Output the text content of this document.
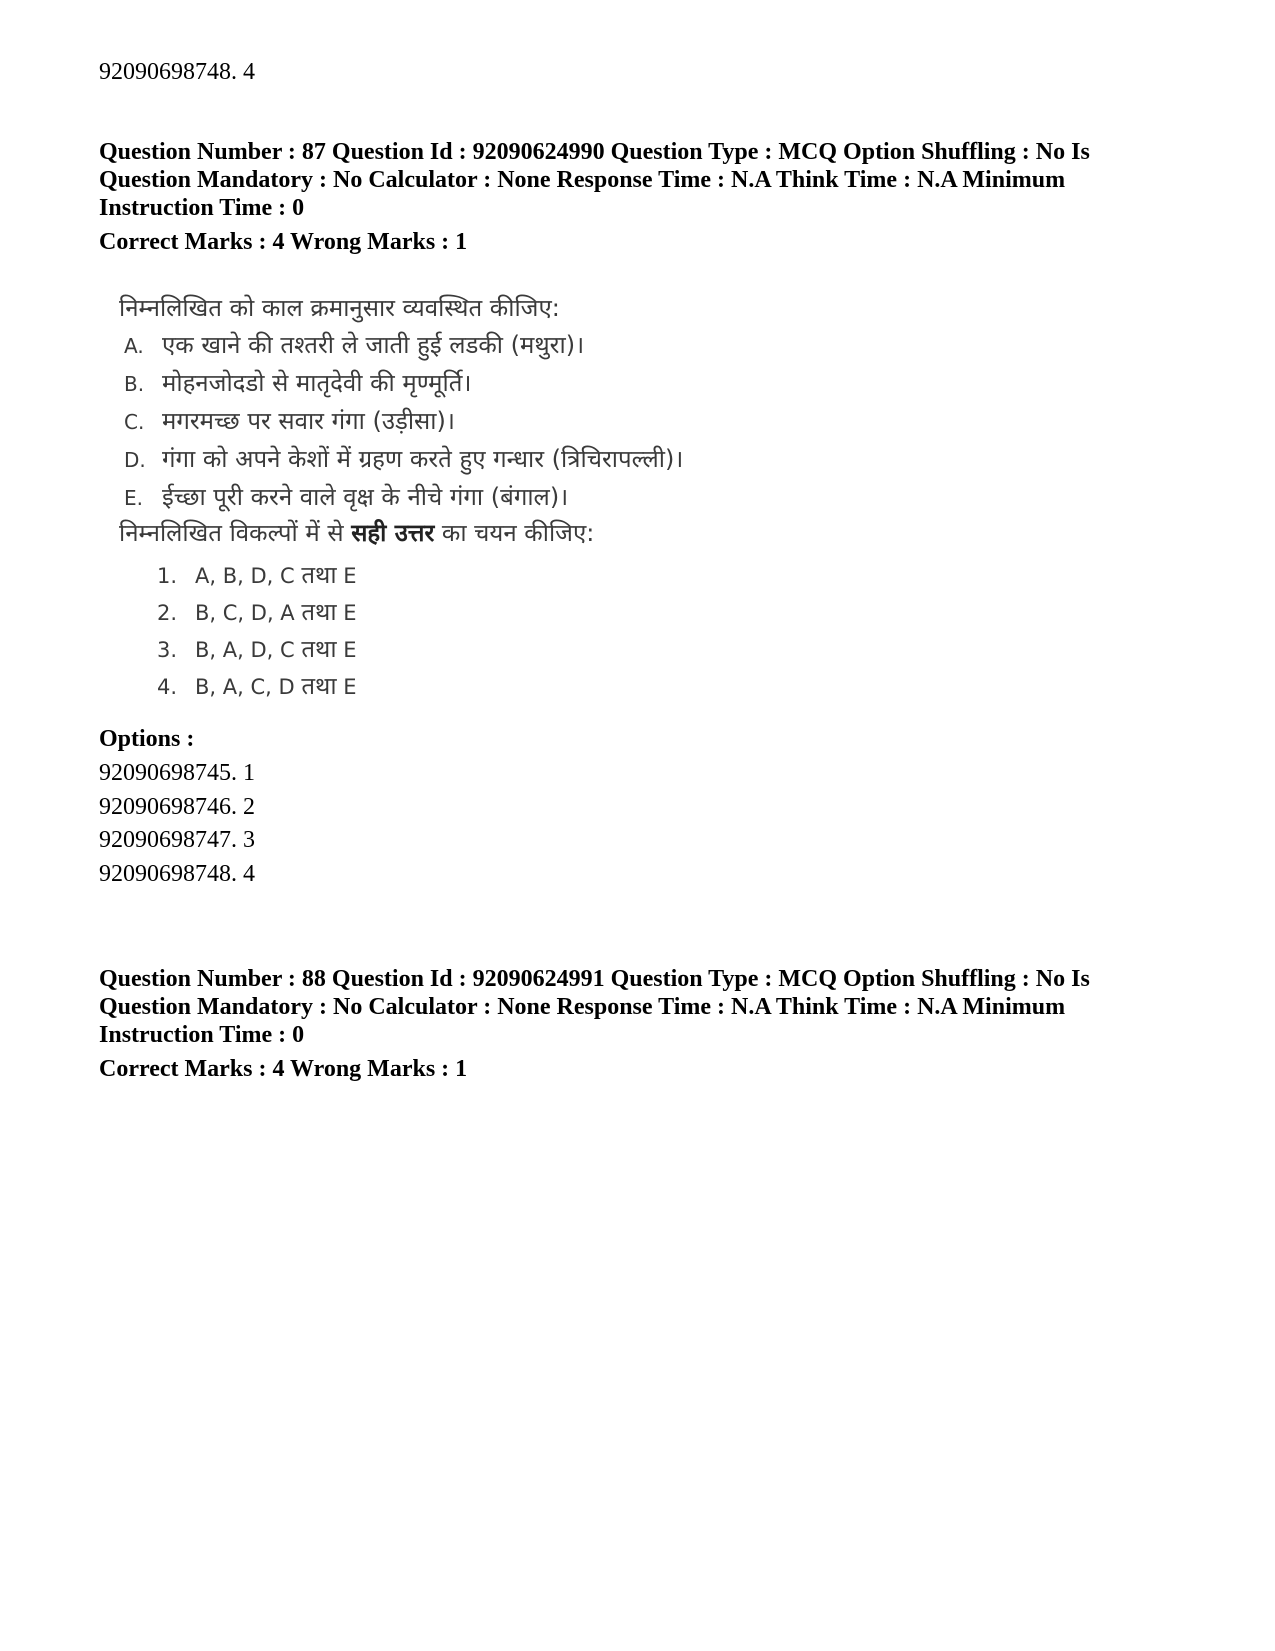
92090698748. 4
Question Number : 87 Question Id : 92090624990 Question Type : MCQ Option Shuffling : No Is
Question Mandatory : No Calculator : None Response Time : N.A Think Time : N.A Minimum
Instruction Time : 0
Correct Marks : 4 Wrong Marks : 1
निम्नलिखित को काल क्रमानुसार व्यवस्थित कीजिए:
A. एक खाने की तश्तरी ले जाती हुई लडकी (मथुरा)।
B. मोहनजोदडो से मातृदेवी की मृण्मूर्ति।
C. मगरमच्छ पर सवार गंगा (उड़ीसा)।
D. गंगा को अपने केशों में ग्रहण करते हुए गन्धार (त्रिचिरापल्ली)।
E. ईच्छा पूरी करने वाले वृक्ष के नीचे गंगा (बंगाल)।
निम्नलिखित विकल्पों में से सही उत्तर का चयन कीजिए:
1. A, B, D, C तथा E
2. B, C, D, A तथा E
3. B, A, D, C तथा E
4. B, A, C, D तथा E
Options :
92090698745. 1
92090698746. 2
92090698747. 3
92090698748. 4
Question Number : 88 Question Id : 92090624991 Question Type : MCQ Option Shuffling : No Is
Question Mandatory : No Calculator : None Response Time : N.A Think Time : N.A Minimum
Instruction Time : 0
Correct Marks : 4 Wrong Marks : 1
